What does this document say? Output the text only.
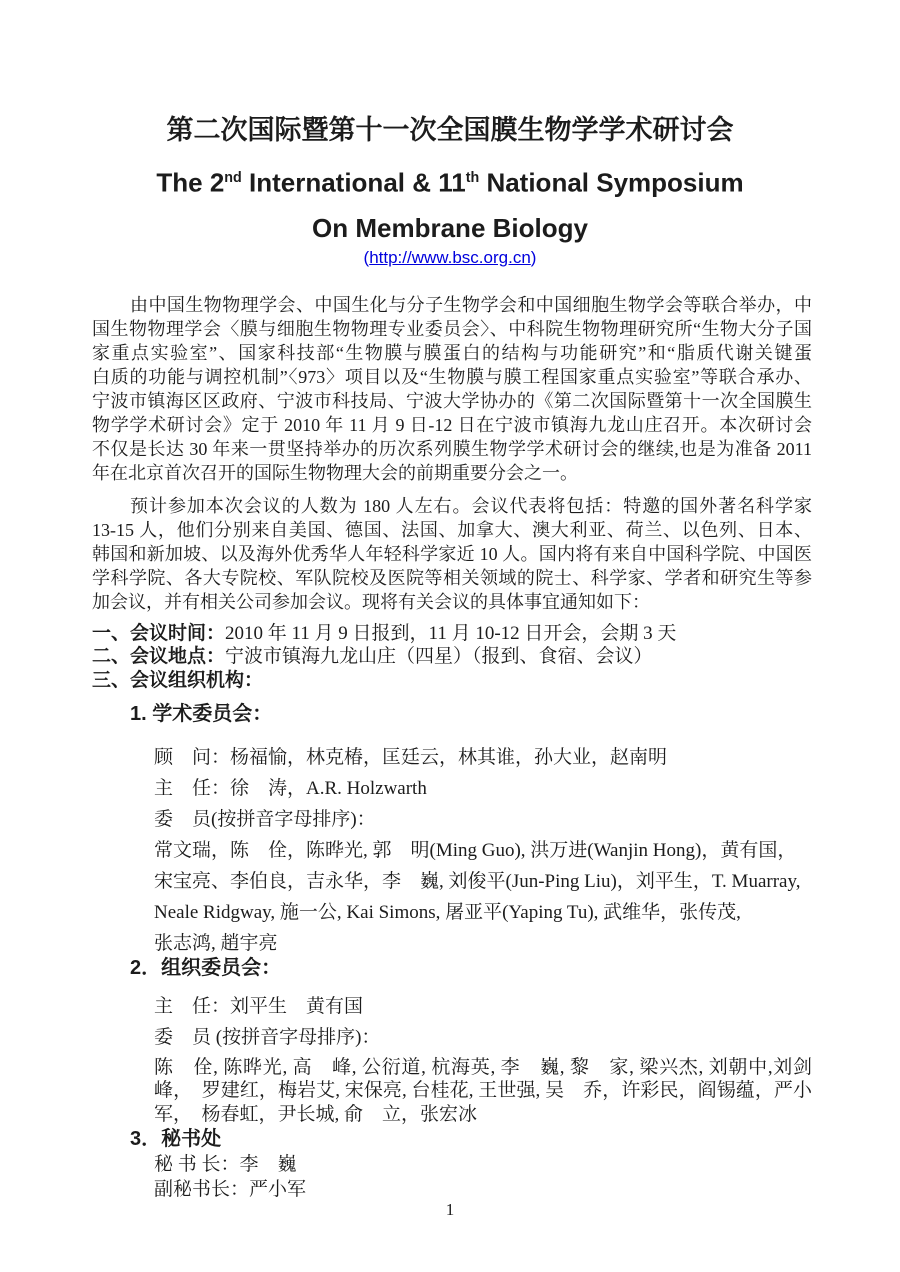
第二次国际暨第十一次全国膜生物学学术研讨会
The 2nd International & 11th National Symposium
On Membrane Biology
(http://www.bsc.org.cn)
由中国生物物理学会、中国生化与分子生物学会和中国细胞生物学会等联合举办，中
国生物物理学会〈膜与细胞生物物理专业委员会〉、中科院生物物理研究所“生物大分子国
家重点实验室”、国家科技部“生物膜与膜蛋白的结构与功能研究”和“脂质代谢关键蛋
白质的功能与调控机制”〈973〉项目以及“生物膜与膜工程国家重点实验室”等联合承办、
宁波市镇海区区政府、宁波市科技局、宁波大学协办的《第二次国际暨第十一次全国膜生
物学学术研讨会》定于 2010 年 11 月 9 日-12 日在宁波市镇海九龙山庄召开。本次研讨会
不仅是长达 30 年来一贯坚持举办的历次系列膜生物学学术研讨会的继续,也是为准备 2011
年在北京首次召开的国际生物物理大会的前期重要分会之一。
预计参加本次会议的人数为 180 人左右。会议代表将包括：特邀的国外著名科学家
13-15 人，他们分别来自美国、德国、法国、加拿大、澳大利亚、荷兰、以色列、日本、
韩国和新加坡、以及海外优秀华人年轻科学家近 10 人。国内将有来自中国科学院、中国医
学科学院、各大专院校、军队院校及医院等相关领域的院士、科学家、学者和研究生等参
加会议，并有相关公司参加会议。现将有关会议的具体事宜通知如下：
一、会议时间：2010 年 11 月 9 日报到，11 月 10-12 日开会，会期 3 天
二、会议地点：宁波市镇海九龙山庄（四星）（报到、食宿、会议）
三、会议组织机构：
1. 学术委员会：
顾　问：杨福愉，林克椿，匡廷云，林其谁，孙大业，赵南明
主　任：徐　涛，A.R. Holzwarth
委　员(按拼音字母排序)：
常文瑞，陈　佺，陈晔光, 郭　明(Ming Guo), 洪万进(Wanjin Hong)，黄有国，
宋宝亮、李伯良，吉永华，李　巍, 刘俊平(Jun-Ping Liu)，刘平生，T. Muarray,
Neale Ridgway, 施一公, Kai Simons, 屠亚平(Yaping Tu), 武维华，张传茂,
张志鸿, 趙宇亮
2．组织委员会：
主　任：刘平生　黄有国
委　员 (按拼音字母排序)：
陈　佺, 陈晔光, 高　峰, 公衍道, 杭海英, 李　巍, 黎　家, 梁兴杰, 刘朝中,刘剑
峰，　罗建红，梅岩艾, 宋保亮, 台桂花, 王世强, 吴　乔，许彩民，阎锡蕴，严小
军，　杨春虹，尹长城, 俞　立，张宏冰
3．秘书处
秘 书 长：李　巍
副秘书长：严小军
1
